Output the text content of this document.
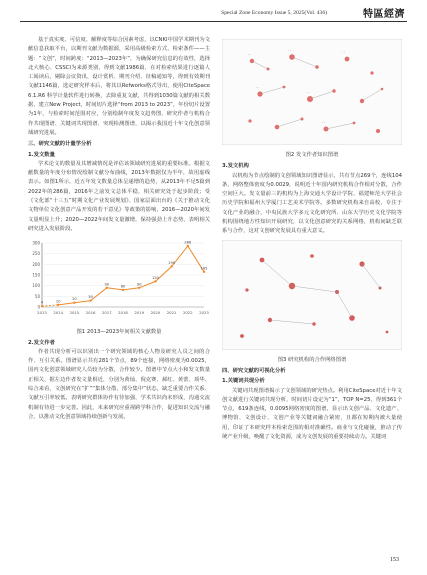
Special Zone Economy Issue 5, 2025(Vol. 436)	特區經濟

基于真实度、可信度、解释度等综合因素考虑，以CNKI中国学术期刊为文献信息获取平台，以期刊文献为数据源，采用高级检索方式，检索条件——主题：“文创”，时间跨度：“2013—2023年”，为确保研究信息的有效性，选择北大核心、CSSCI为来源类别，得到文献1986篇，在对检索结果进行逐篇人工阅读后，剔除会议资讯、设计赏析、期刊介绍、征稿通知等，得到有效期刊文献1146篇，选定研究样本后，将其以Refworks格式导出，使用CiteSpace 6.1.R6 科学计量软件进行转换，去除重复文献，共得到1030篇文献的相关数据，建立New Project，时间切片选择“from 2013 to 2023”，年份切片设置为1年，与检索时间范围对应，分别绘制年度发文趋势图、研究作者与机构合作共现图谱、关键词共现图谱、突现检测图谱，以揭示我国近十年文化创意领域研究进展。

三、研究文献的计量学分析

1.发文数量

学术论文的数量及其增减情况是评估该领域研究进展的重要标准。根据文献数量的年度分布情况绘制文献分布曲线，2013年数据仅为半年，故用虚线表示。如图1所示，近五年发文数量总体呈递增的趋势，从2013年不足5篇到2022年的286篇，2016年之前发文总体平稳，相关研究处于起步阶段；受《文化部“十三五”时期文化产业发展规划》、国家层面出台的《关于推动文化文物单位文化创意产品开发的若干意见》等政策的影响，2016—2020年间发文量明显上升；2020—2022年间发文量激增，保持强劲上升态势，表明相关研究进入发展阶段。

0
50
100
150
200
250
300
2013 2014 2015 2016 2017 2018 2019 2020 2021 2022 2023
4	10
20
30
90
80
90
120
190
286
165

图1 2013—2023年间相关文献数量

2.发文作者

作者共现分析可以识别出一个研究领域的核心人物及研究人员之间的合作、互引关系。图谱显示共有281个节点，89个连接，网络密度为0.0025，国内文化创意领域研究人员较为分散，合作较少。图谱中节点大小和发文数量正相关，据左边作者发文量相近，分别为黄灿、倪克赛、郝红、黄蕾、项华、综合来看，文创研究在“扩”“集体分散、部分集中”状态，缺乏重要合作关系、文献互引率较低，表明研究群体协作有待加强，学术共识尚未形成，沟通交流机制有待进一步完善。因此，未来研究应重视跨学科合作，促进知识交流与融合，以推动文化创意领域持续创新与发展。

· ·
· ·	· ·
· ·
· ·
· ·

图2 发文作者知识图谱

3.发文机构

以机构为节点绘制的文创领域知识图谱显示，共有节点269个，连线104条，网络整体密度为0.0029，说明近十年国内研究机构合作相对分散，合作空间巨大。发文量前三的机构为上海交通大学设计学院、福建师范大学社会历史学院和福州大学厦门工艺美术学院等。多数研究机构来自高校，专注于文化产业的融合，中央民族大学多元文化研究所、山东大学历史文化学院等机构围绕地方性知识开展研究，以文化创意研究的关系网络，机构间缺乏联系与合作，这对文创研究发展具有重大意义。

图3 研究机构的合作网络图谱

四、研究文献的可视化分析

1.关键词共现分析

关键词共现图谱揭示了文创领域的研究热点。利用CiteSpace对近十年文创文献进行关键词共现分析，时间切片设定为“1”，TOP N=25，得到361个节点，619条连线，0.0095网络密度的图谱，显示出文创产品、文化遗产、博物馆、文创设计、文创产业等关键词融合紧密，且都在短期内被大量使用，印证了本研究样本检索范围的相对准确性。商业与文化碰撞，推动了传统产业升级，唤醒了文化资源，成为文创发展的重要持续动力。关键词

153
